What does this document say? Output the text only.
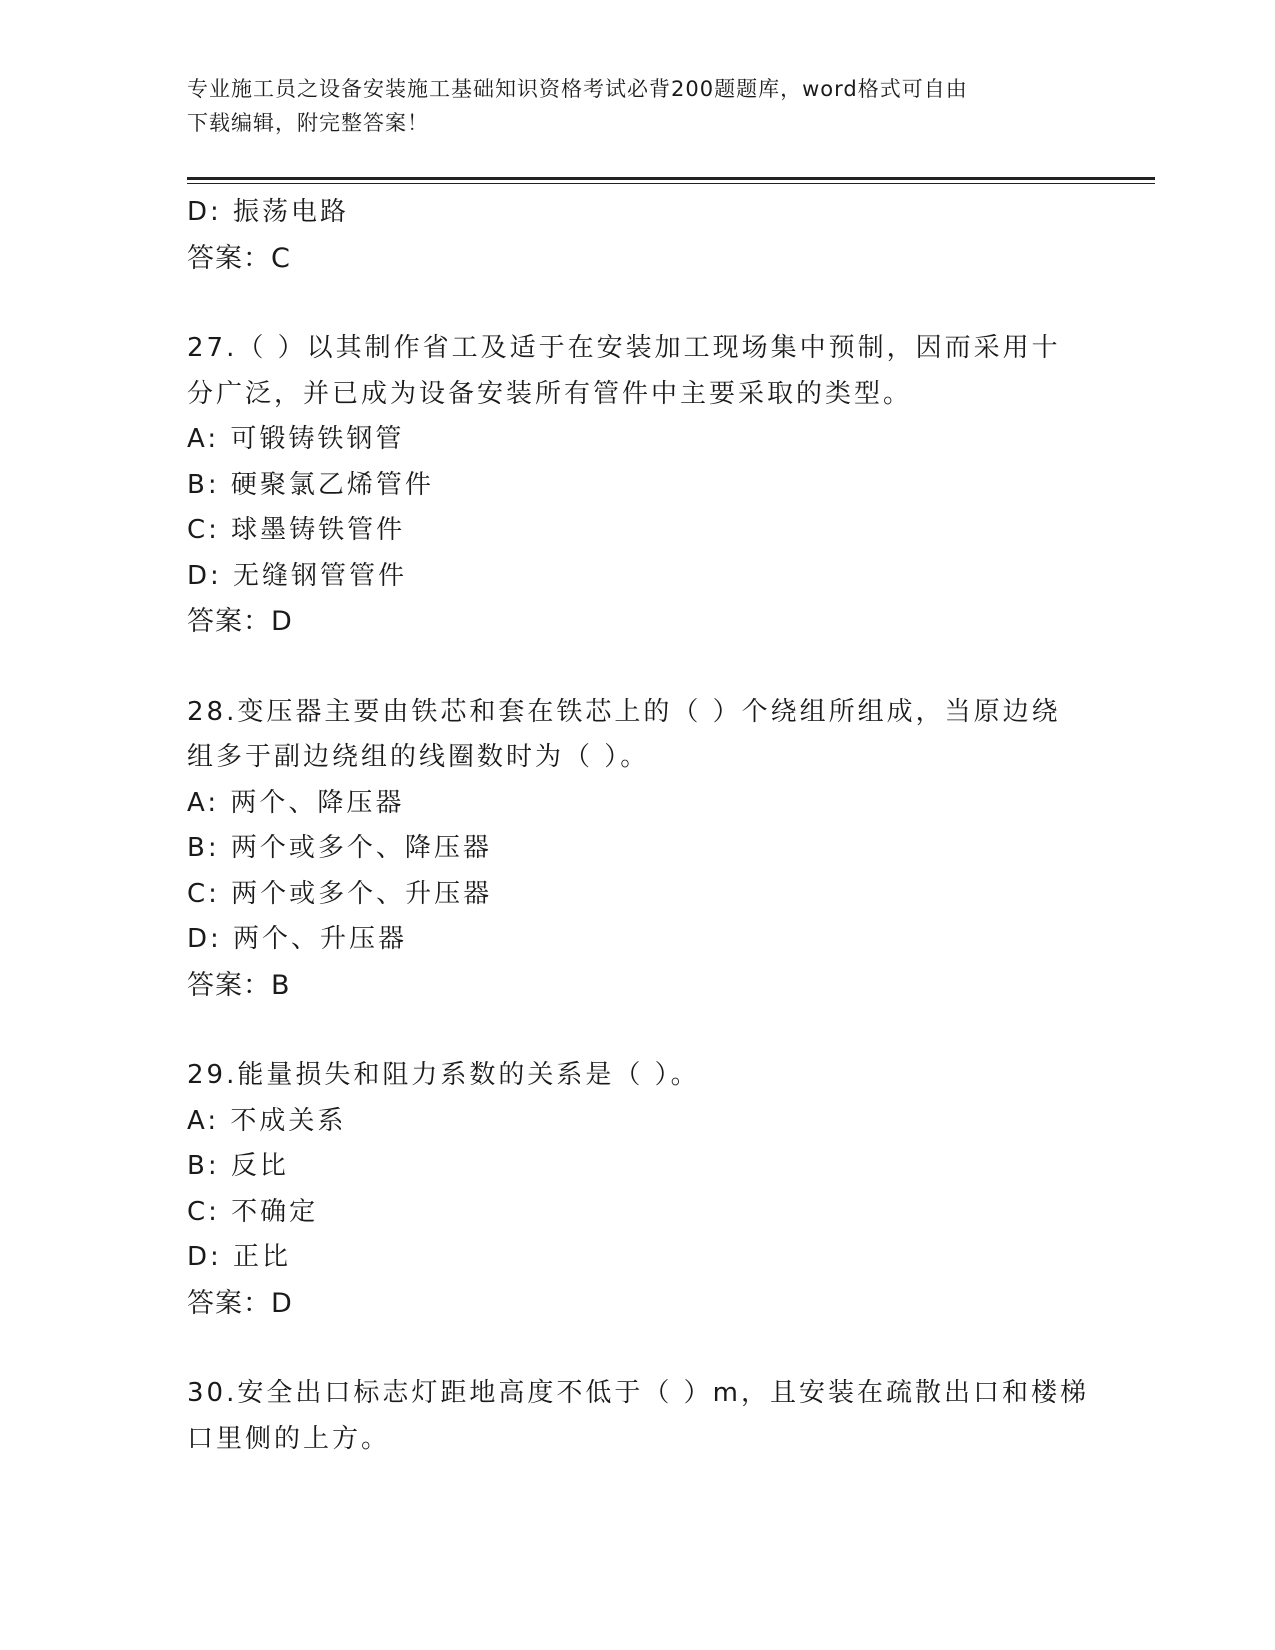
专业施工员之设备安装施工基础知识资格考试必背200题题库，word格式可自由
下载编辑，附完整答案！
D: 振荡电路
答案：C
27.（ ）以其制作省工及适于在安装加工现场集中预制，因而采用十
分广泛，并已成为设备安装所有管件中主要采取的类型。
A: 可锻铸铁钢管
B: 硬聚氯乙烯管件
C: 球墨铸铁管件
D: 无缝钢管管件
答案：D
28.变压器主要由铁芯和套在铁芯上的（ ）个绕组所组成，当原边绕
组多于副边绕组的线圈数时为（ ）。
A: 两个、降压器
B: 两个或多个、降压器
C: 两个或多个、升压器
D: 两个、升压器
答案：B
29.能量损失和阻力系数的关系是（ ）。
A: 不成关系
B: 反比
C: 不确定
D: 正比
答案：D
30.安全出口标志灯距地高度不低于（ ）m，且安装在疏散出口和楼梯
口里侧的上方。
